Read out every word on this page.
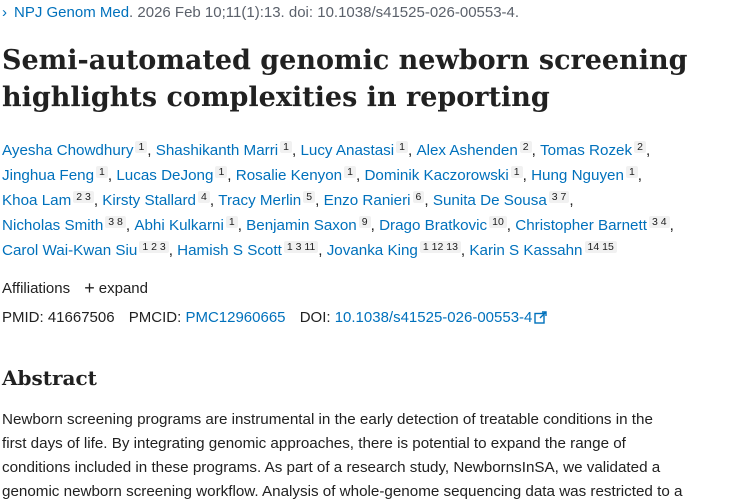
› NPJ Genom Med. 2026 Feb 10;11(1):13. doi: 10.1038/s41525-026-00553-4.
Semi-automated genomic newborn screening
highlights complexities in reporting
Ayesha Chowdhury 1 , Shashikanth Marri 1 , Lucy Anastasi 1 , Alex Ashenden 2 , Tomas Rozek 2 ,
Jinghua Feng 1 , Lucas DeJong 1 , Rosalie Kenyon 1 , Dominik Kaczorowski 1 , Hung Nguyen 1 ,
Khoa Lam 2 3 , Kirsty Stallard 4 , Tracy Merlin 5 , Enzo Ranieri 6 , Sunita De Sousa 3 7 ,
Nicholas Smith 3 8 , Abhi Kulkarni 1 , Benjamin Saxon 9 , Drago Bratkovic 10 , Christopher Barnett 3 4 ,
Carol Wai-Kwan Siu 1 2 3 , Hamish S Scott 1 3 11 , Jovanka King 1 12 13 , Karin S Kassahn 14 15
Affiliations + expand
PMID: 41667506 PMCID: PMC12960665 DOI: 10.1038/s41525-026-00553-4
Abstract

Newborn screening programs are instrumental in the early detection of treatable conditions in the
first days of life. By integrating genomic approaches, there is potential to expand the range of
conditions included in these programs. As part of a research study, NewbornsInSA, we validated a
genomic newborn screening workflow. Analysis of whole-genome sequencing data was restricted to a
